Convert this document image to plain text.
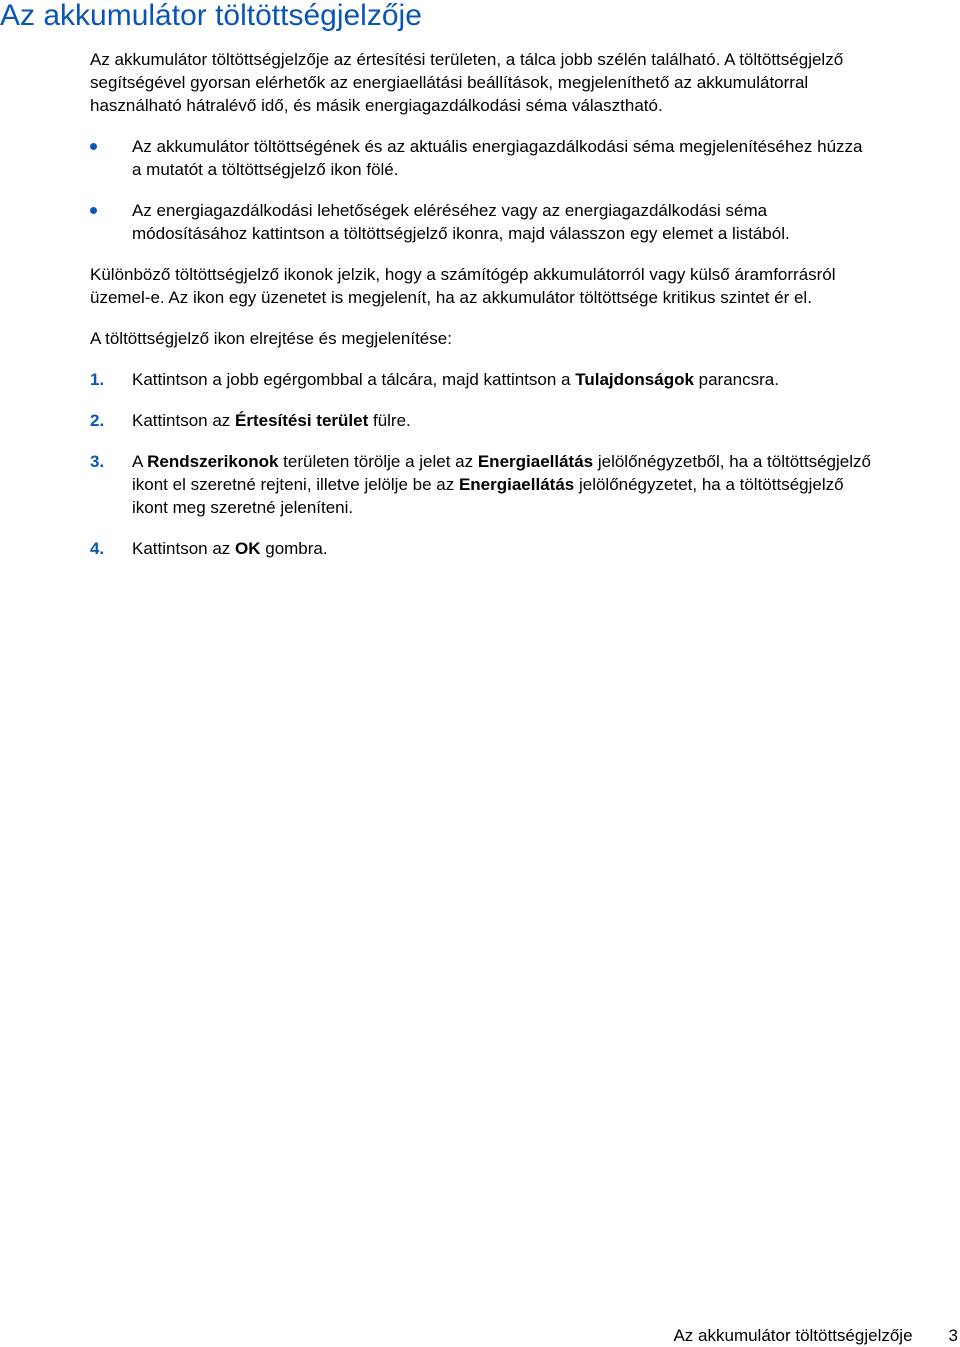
Az akkumulátor töltöttségjelzője

Az akkumulátor töltöttségjelzője az értesítési területen, a tálca jobb szélén található. A töltöttségjelző
segítségével gyorsan elérhetők az energiaellátási beállítások, megjeleníthető az akkumulátorral
használható hátralévő idő, és másik energiagazdálkodási séma választható.

Az akkumulátor töltöttségének és az aktuális energiagazdálkodási séma megjelenítéséhez húzza
a mutatót a töltöttségjelző ikon fölé.
Az energiagazdálkodási lehetőségek eléréséhez vagy az energiagazdálkodási séma
módosításához kattintson a töltöttségjelző ikonra, majd válasszon egy elemet a listából.

Különböző töltöttségjelző ikonok jelzik, hogy a számítógép akkumulátorról vagy külső áramforrásról
üzemel-e. Az ikon egy üzenetet is megjelenít, ha az akkumulátor töltöttsége kritikus szintet ér el.

A töltöttségjelző ikon elrejtése és megjelenítése:

1. Kattintson a jobb egérgombbal a tálcára, majd kattintson a Tulajdonságok parancsra.
2. Kattintson az Értesítési terület fülre.
3. A Rendszerikonok területen törölje a jelet az Energiaellátás jelölőnégyzetből, ha a töltöttségjelző
ikont el szeretné rejteni, illetve jelölje be az Energiaellátás jelölőnégyzetet, ha a töltöttségjelző
ikont meg szeretné jeleníteni.
4. Kattintson az OK gombra.
Az akkumulátor töltöttségjelzője 3
